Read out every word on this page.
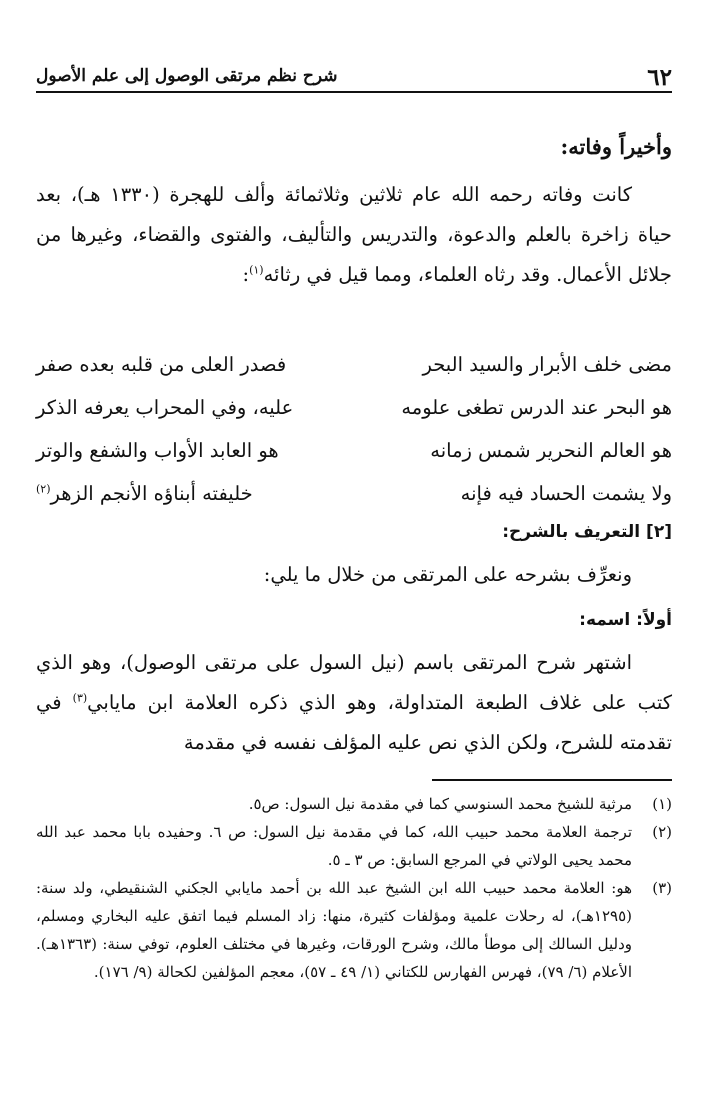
٦٢
شرح نظم مرتقى الوصول إلى علم الأصول
وأخيراً وفاته:

كانت وفاته رحمه الله عام ثلاثين وثلاثمائة وألف للهجرة (١٣٣٠ هـ)، بعد حياة زاخرة بالعلم والدعوة، والتدريس والتأليف، والفتوى والقضاء، وغيرها من جلائل الأعمال. وقد رثاه العلماء، ومما قيل في رثائه$^{(١)}$:

مضى خلف الأبرار والسيد البحر
فصدر العلى من قلبه بعده صفر
هو البحر عند الدرس تطغى علومه
عليه، وفي المحراب يعرفه الذكر
هو العالم النحرير شمس زمانه
هو العابد الأواب والشفع والوتر
ولا يشمت الحساد فيه فإنه
خليفته أبناؤه الأنجم الزهر$^{(٢)}$
[٢] التعريف بالشرح:

ونعرِّف بشرحه على المرتقى من خلال ما يلي:

أولاً: اسمه:

اشتهر شرح المرتقى باسم (نيل السول على مرتقى الوصول)، وهو الذي كتب على غلاف الطبعة المتداولة، وهو الذي ذكره العلامة ابن مايابي$^{(٣)}$ في تقدمته للشرح، ولكن الذي نص عليه المؤلف نفسه في مقدمة

(١)
مرثية للشيخ محمد السنوسي كما في مقدمة نيل السول: ص٥.
(٢)
ترجمة العلامة محمد حبيب الله، كما في مقدمة نيل السول: ص ٦. وحفيده بابا محمد عبد الله محمد يحيى الولاتي في المرجع السابق: ص ٣ ـ ٥.
(٣)
هو: العلامة محمد حبيب الله ابن الشيخ عبد الله بن أحمد مايابي الجكني الشنقيطي، ولد سنة: (١٢٩٥هـ)، له رحلات علمية ومؤلفات كثيرة، منها: زاد المسلم فيما اتفق عليه البخاري ومسلم، ودليل السالك إلى موطأ مالك، وشرح الورقات، وغيرها في مختلف العلوم، توفي سنة: (١٣٦٣هـ). الأعلام (٦/ ٧٩)، فهرس الفهارس للكتاني (١/ ٤٩ ـ ٥٧)، معجم المؤلفين لكحالة (٩/ ١٧٦).
